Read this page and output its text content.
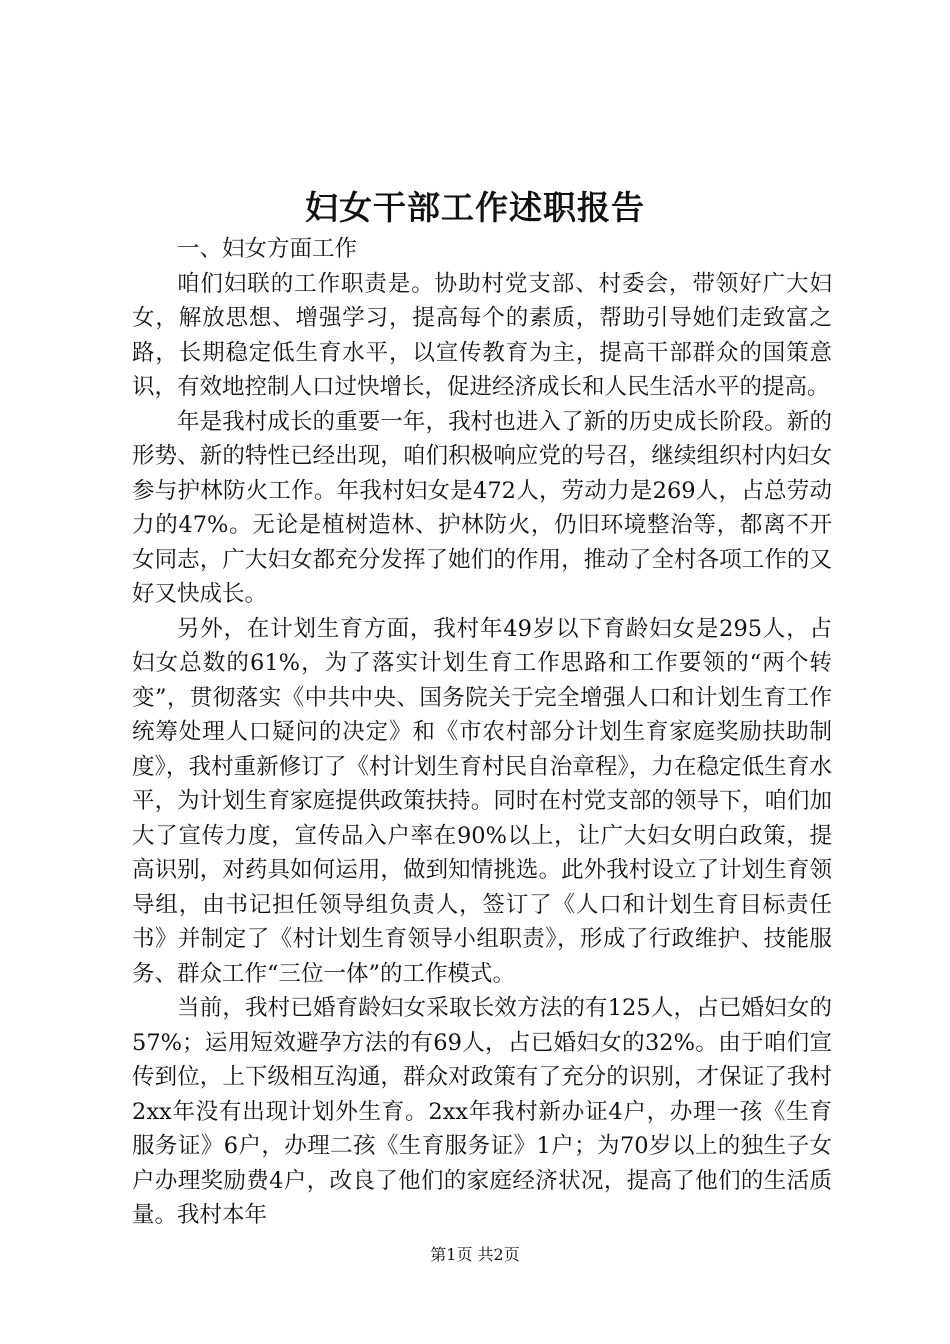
妇女干部工作述职报告

一、妇女方面工作

咱们妇联的工作职责是。协助村党支部、村委会，带领好广大妇女，解放思想、增强学习，提高每个的素质，帮助引导她们走致富之路，长期稳定低生育水平，以宣传教育为主，提高干部群众的国策意识，有效地控制人口过快增长，促进经济成长和人民生活水平的提高。

年是我村成长的重要一年，我村也进入了新的历史成长阶段。新的形势、新的特性已经出现，咱们积极响应党的号召，继续组织村内妇女参与护林防火工作。年我村妇女是472人，劳动力是269人，占总劳动力的47%。无论是植树造林、护林防火，仍旧环境整治等，都离不开女同志，广大妇女都充分发挥了她们的作用，推动了全村各项工作的又好又快成长。

另外，在计划生育方面，我村年49岁以下育龄妇女是295人，占妇女总数的61%，为了落实计划生育工作思路和工作要领的“两个转变”，贯彻落实《中共中央、国务院关于完全增强人口和计划生育工作统筹处理人口疑问的决定》和《市农村部分计划生育家庭奖励扶助制度》，我村重新修订了《村计划生育村民自治章程》，力在稳定低生育水平，为计划生育家庭提供政策扶持。同时在村党支部的领导下，咱们加大了宣传力度，宣传品入户率在90%以上，让广大妇女明白政策，提高识别，对药具如何运用，做到知情挑选。此外我村设立了计划生育领导组，由书记担任领导组负责人，签订了《人口和计划生育目标责任书》并制定了《村计划生育领导小组职责》，形成了行政维护、技能服务、群众工作“三位一体”的工作模式。

当前，我村已婚育龄妇女采取长效方法的有125人，占已婚妇女的57%；运用短效避孕方法的有69人，占已婚妇女的32%。由于咱们宣传到位，上下级相互沟通，群众对政策有了充分的识别，才保证了我村2xx年没有出现计划外生育。2xx年我村新办证4户，办理一孩《生育服务证》6户，办理二孩《生育服务证》1户；为70岁以上的独生子女户办理奖励费4户，改良了他们的家庭经济状况，提高了他们的生活质量。我村本年

第1页 共2页
